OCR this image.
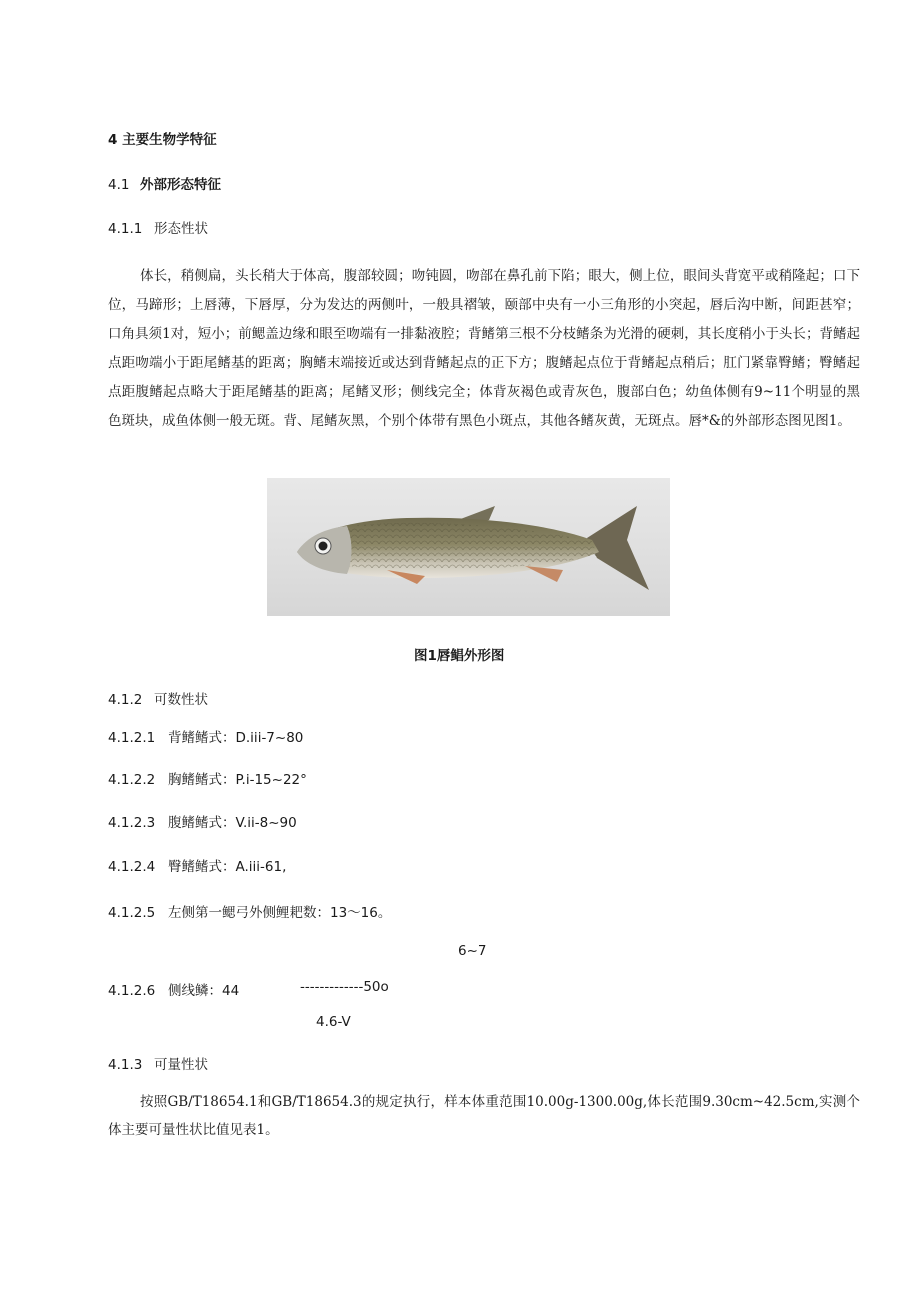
4 主要生物学特征
4.1 外部形态特征
4.1.1 形态性状
体长，稍侧扁，头长稍大于体高，腹部较圆；吻钝圆，吻部在鼻孔前下陷；眼大，侧上位，眼间头背宽平或稍隆起；口下位，马蹄形；上唇薄，下唇厚，分为发达的两侧叶，一般具褶皱，颐部中央有一小三角形的小突起，唇后沟中断，间距甚窄；口角具须1对，短小；前鳃盖边缘和眼至吻端有一排黏液腔；背鳍第三根不分枝鳍条为光滑的硬刺，其长度稍小于头长；背鳍起点距吻端小于距尾鳍基的距离；胸鳍末端接近或达到背鳍起点的正下方；腹鳍起点位于背鳍起点稍后；肛门紧靠臀鳍；臀鳍起点距腹鳍起点略大于距尾鳍基的距离；尾鳍叉形；侧线完全；体背灰褐色或青灰色，腹部白色；幼鱼体侧有9~11个明显的黑色斑块，成鱼体侧一般无斑。背、尾鳍灰黑，个别个体带有黑色小斑点，其他各鳍灰黄，无斑点。唇*&的外部形态图见图1。
图1唇鲳外形图
4.1.2 可数性状
4.1.2.1 背鳍鳍式：D.iii-7~80
4.1.2.2 胸鳍鳍式：P.i-15~22°
4.1.2.3 腹鳍鳍式：V.ii-8~90
4.1.2.4 臀鳍鳍式：A.iii-61,
4.1.2.5 左侧第一鳃弓外侧鲤耙数：13～16。
6~7
4.1.2.6 侧线鳞：44	-------------50o
4.6-V
4.1.3 可量性状
按照GB/T18654.1和GB/T18654.3的规定执行，样本体重范围10.00g-1300.00g,体长范围9.30cm~42.5cm,实测个体主要可量性状比值见表1。
